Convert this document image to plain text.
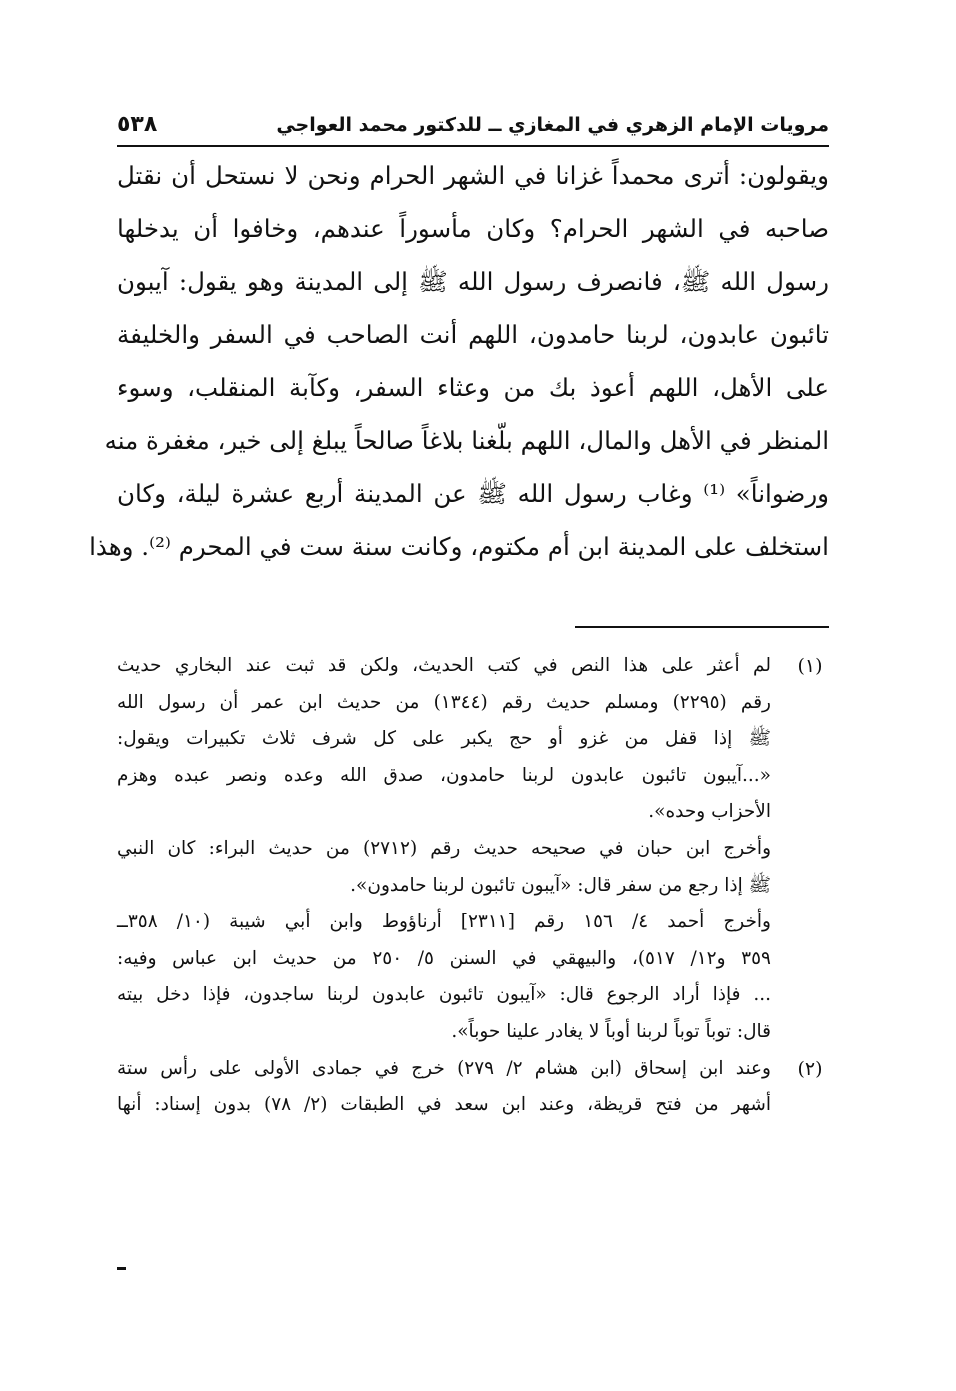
مرويات الإمام الزهري في المغازي ــ للدكتور محمد العواجي
٥٣٨
ويقولون: أترى محمداً غزانا في الشهر الحرام ونحن لا نستحل أن نقتل
صاحبه في الشهر الحرام؟ وكان مأسوراً عندهم، وخافوا أن يدخلها
رسول الله ﷺ، فانصرف رسول الله ﷺ إلى المدينة وهو يقول: آيبون
تائبون عابدون، لربنا حامدون، اللهم أنت الصاحب في السفر والخليفة
على الأهل، اللهم أعوذ بك من وعثاء السفر، وكآبة المنقلب، وسوء
المنظر في الأهل والمال، اللهم بلّغنا بلاغاً صالحاً يبلغ إلى خير، مغفرة منه
ورضواناً» ⁽¹⁾ وغاب رسول الله ﷺ عن المدينة أربع عشرة ليلة، وكان
استخلف على المدينة ابن أم مكتوم، وكانت سنة ست في المحرم ⁽²⁾. وهذا
(١)
لم أعثر على هذا النص في كتب الحديث، ولكن قد ثبت عند البخاري حديث
رقم (٢٢٩٥) ومسلم حديث رقم (١٣٤٤) من حديث ابن عمر أن رسول الله
ﷺ إذا قفل من غزو أو حج يكبر على كل شرف ثلاث تكبيرات ويقول:
«...آيبون تائبون عابدون لربنا حامدون، صدق الله وعده ونصر عبده وهزم
الأحزاب وحده».
وأخرج ابن حبان في صحيحه حديث رقم (٢٧١٢) من حديث البراء: كان النبي
ﷺ إذا رجع من سفر قال: «آيبون تائبون لربنا حامدون».
وأخرج أحمد ٤/ ١٥٦ رقم [٢٣١١] أرناؤوط وابن أبي شيبة (١٠/ ٣٥٨ــ
٣٥٩ و١٢/ ٥١٧)، والبيهقي في السنن ٥/ ٢٥٠ من حديث ابن عباس وفيه:
... فإذا أراد الرجوع قال: «آيبون تائبون عابدون لربنا ساجدون، فإذا دخل بيته
قال: توباً توباً لربنا أوباً لا يغادر علينا حوباً».
(٢)
وعند ابن إسحاق (ابن هشام ٢/ ٢٧٩) خرج في جمادى الأولى على رأس ستة
أشهر من فتح قريظة، وعند ابن سعد في الطبقات (٢/ ٧٨) بدون إسناد: أنها
